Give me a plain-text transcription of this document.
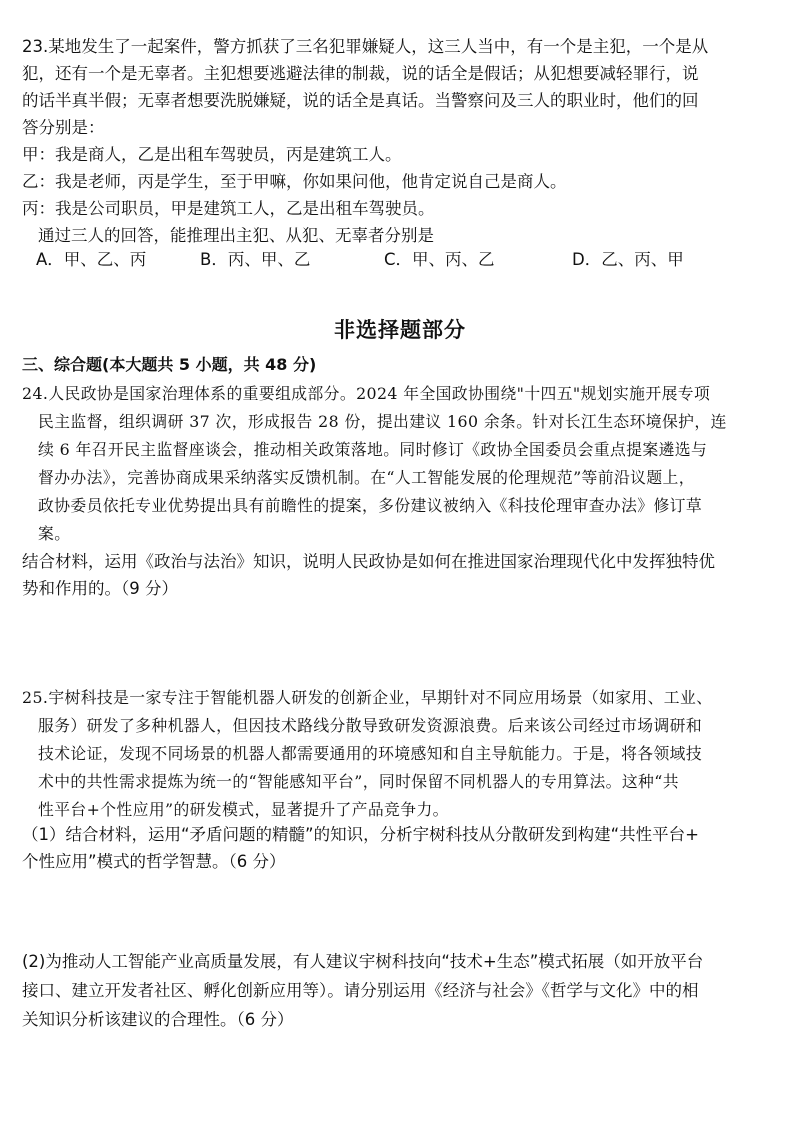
23.某地发生了一起案件，警方抓获了三名犯罪嫌疑人，这三人当中，有一个是主犯，一个是从
犯，还有一个是无辜者。主犯想要逃避法律的制裁，说的话全是假话；从犯想要减轻罪行，说
的话半真半假；无辜者想要洗脱嫌疑，说的话全是真话。当警察问及三人的职业时，他们的回
答分别是：
甲：我是商人，乙是出租车驾驶员，丙是建筑工人。
乙：我是老师，丙是学生，至于甲嘛，你如果问他，他肯定说自己是商人。
丙：我是公司职员，甲是建筑工人，乙是出租车驾驶员。
通过三人的回答，能推理出主犯、从犯、无辜者分别是
A．甲、乙、丙	B．丙、甲、乙	C．甲、丙、乙	D．乙、丙、甲
非选择题部分
三、综合题(本大题共 5 小题，共 48 分)
24.人民政协是国家治理体系的重要组成部分。2024 年全国政协围绕"十四五"规划实施开展专项
民主监督，组织调研 37 次，形成报告 28 份，提出建议 160 余条。针对长江生态环境保护，连
续 6 年召开民主监督座谈会，推动相关政策落地。同时修订《政协全国委员会重点提案遴选与
督办办法》，完善协商成果采纳落实反馈机制。在“人工智能发展的伦理规范”等前沿议题上，
政协委员依托专业优势提出具有前瞻性的提案，多份建议被纳入《科技伦理审查办法》修订草
案。
结合材料，运用《政治与法治》知识，说明人民政协是如何在推进国家治理现代化中发挥独特优
势和作用的。（9 分）
25.宇树科技是一家专注于智能机器人研发的创新企业，早期针对不同应用场景（如家用、工业、
服务）研发了多种机器人，但因技术路线分散导致研发资源浪费。后来该公司经过市场调研和
技术论证，发现不同场景的机器人都需要通用的环境感知和自主导航能力。于是，将各领域技
术中的共性需求提炼为统一的“智能感知平台”，同时保留不同机器人的专用算法。这种“共
性平台+个性应用”的研发模式，显著提升了产品竞争力。
（1）结合材料，运用“矛盾问题的精髓”的知识，分析宇树科技从分散研发到构建“共性平台+
个性应用”模式的哲学智慧。（6 分）
(2)为推动人工智能产业高质量发展，有人建议宇树科技向“技术+生态”模式拓展（如开放平台
接口、建立开发者社区、孵化创新应用等）。请分别运用《经济与社会》《哲学与文化》中的相
关知识分析该建议的合理性。（6 分）
